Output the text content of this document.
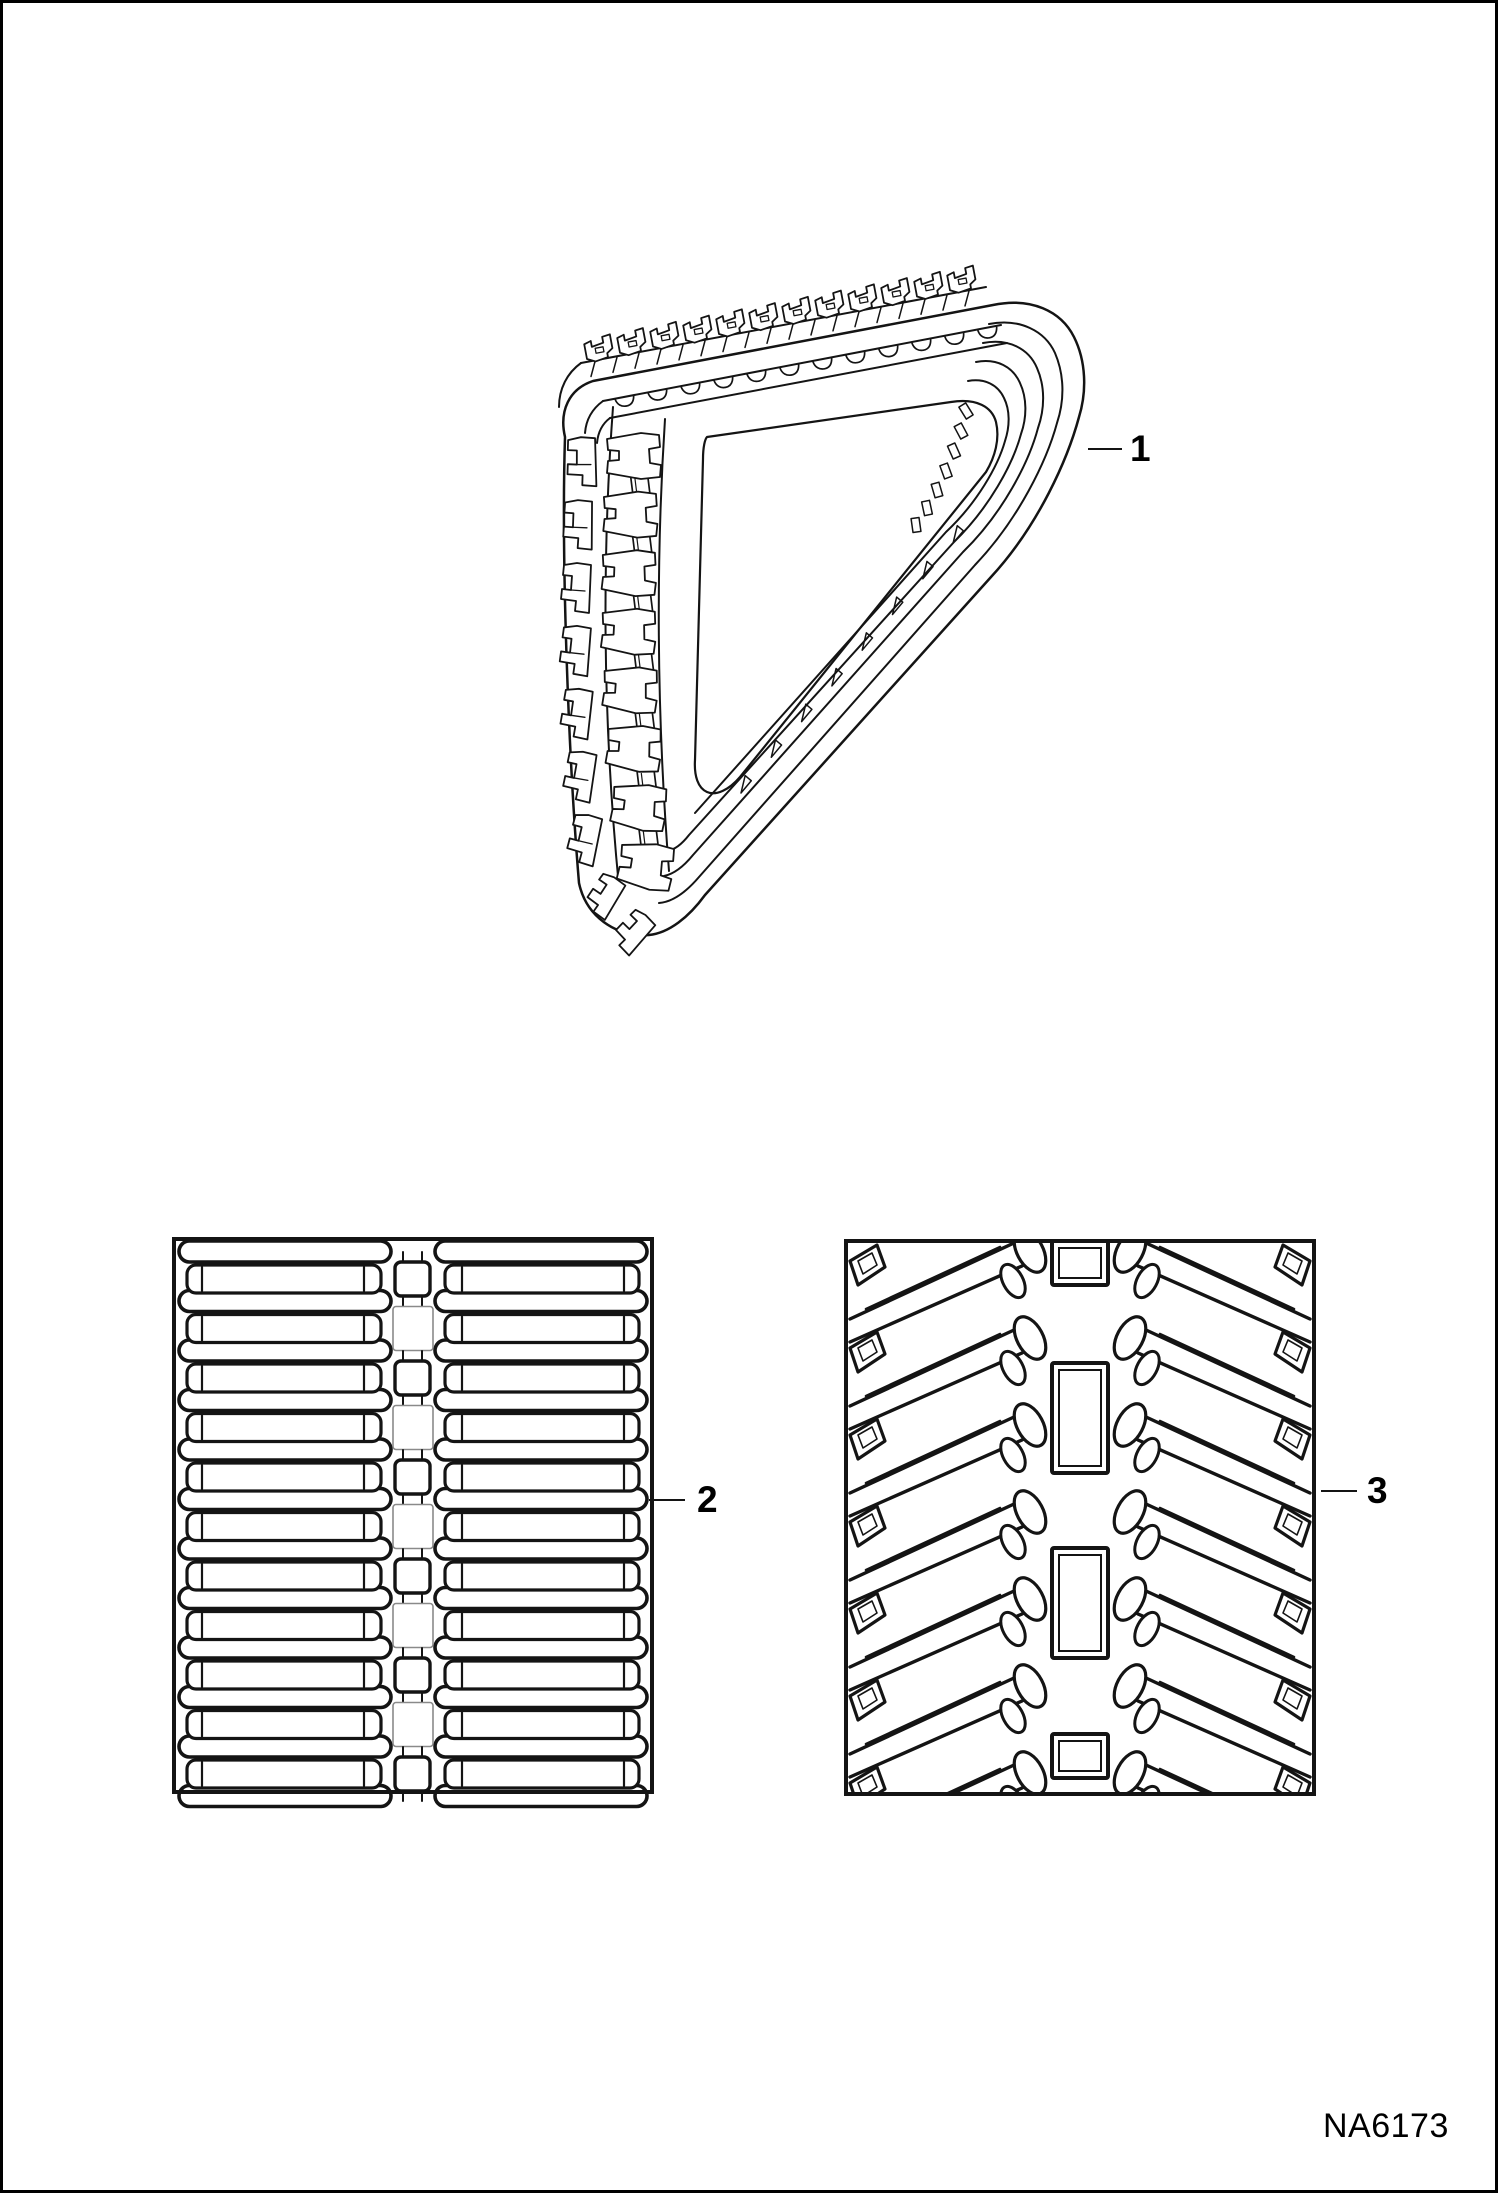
1
2	3
NA6173
